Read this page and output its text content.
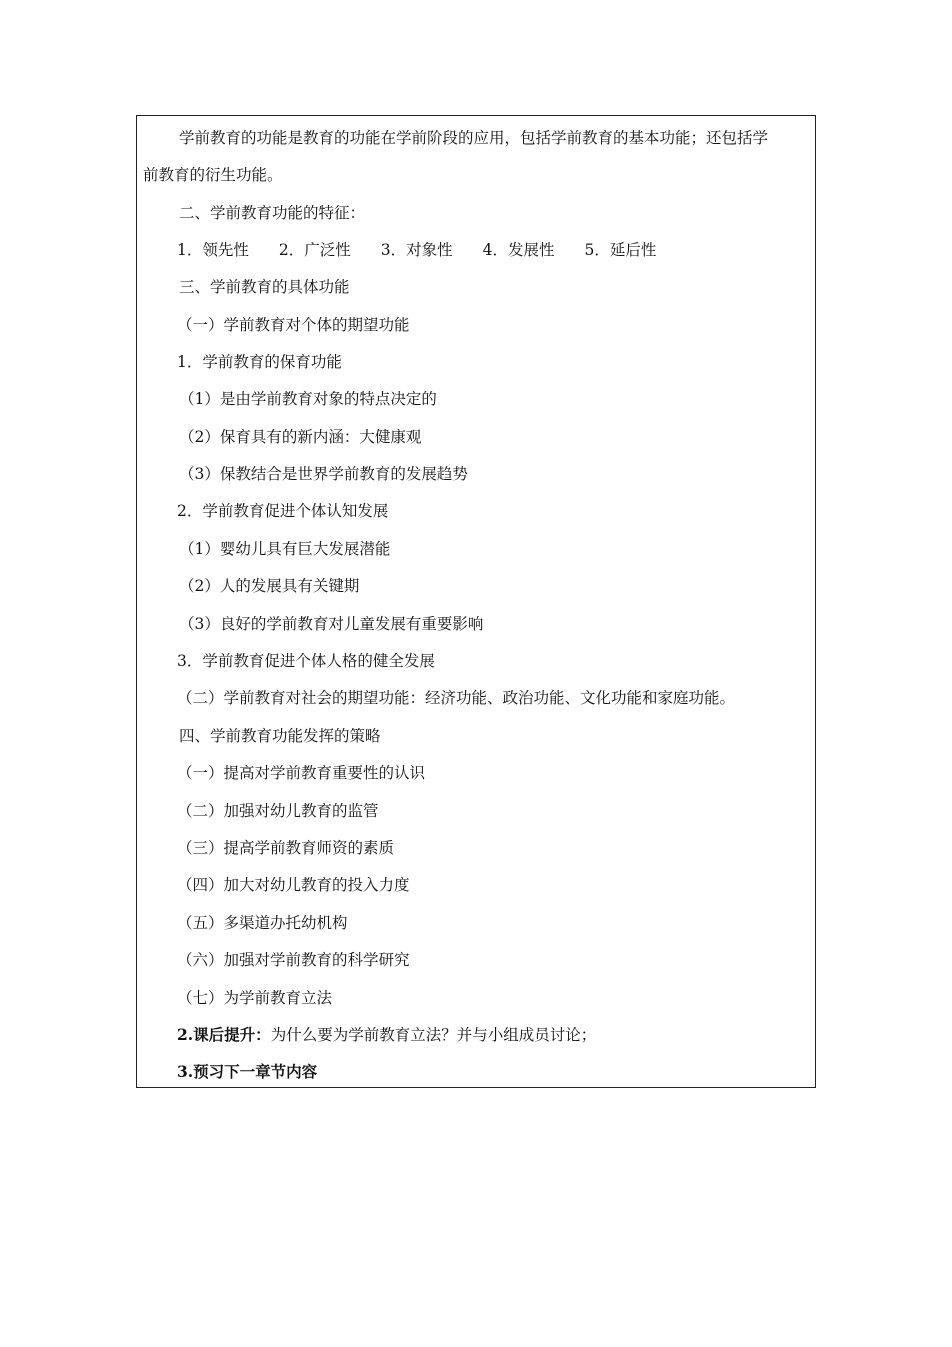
学前教育的功能是教育的功能在学前阶段的应用，包括学前教育的基本功能；还包括学
前教育的衍生功能。
二、学前教育功能的特征：
1．领先性 2．广泛性 3．对象性 4．发展性 5．延后性
三、学前教育的具体功能
（一）学前教育对个体的期望功能
1．学前教育的保育功能
（1）是由学前教育对象的特点决定的
（2）保育具有的新内涵：大健康观
（3）保教结合是世界学前教育的发展趋势
2．学前教育促进个体认知发展
（1）婴幼儿具有巨大发展潜能
（2）人的发展具有关键期
（3）良好的学前教育对儿童发展有重要影响
3．学前教育促进个体人格的健全发展
（二）学前教育对社会的期望功能：经济功能、政治功能、文化功能和家庭功能。
四、学前教育功能发挥的策略
（一）提高对学前教育重要性的认识
（二）加强对幼儿教育的监管
（三）提高学前教育师资的素质
（四）加大对幼儿教育的投入力度
（五）多渠道办托幼机构
（六）加强对学前教育的科学研究
（七）为学前教育立法
2.课后提升：为什么要为学前教育立法？并与小组成员讨论；
3.预习下一章节内容
